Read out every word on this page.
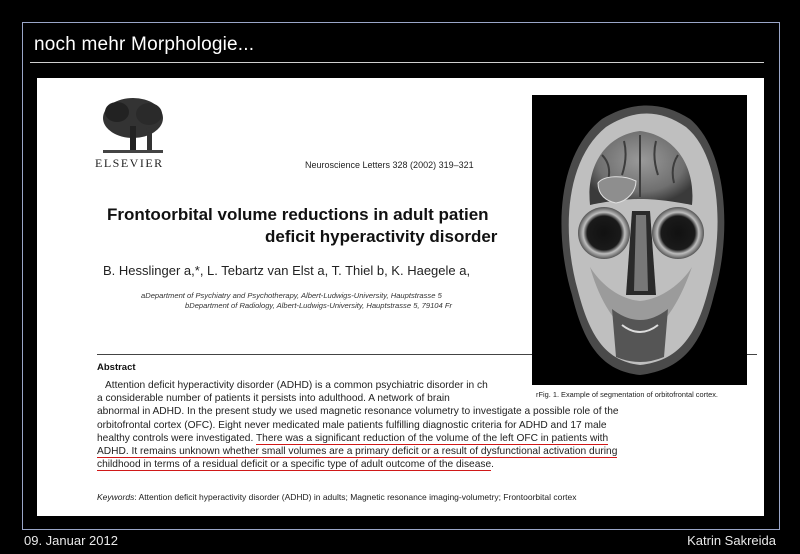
noch mehr Morphologie...
ELSEVIER	Neuroscience Letters 328 (2002) 319–321
Frontoorbital volume reductions in adult patien
deficit hyperactivity disorder
B. Hesslinger a,*, L. Tebartz van Elst a, T. Thiel b, K. Haegele a,
aDepartment of Psychiatry and Psychotherapy, Albert-Ludwigs-University, Hauptstrasse 5
bDepartment of Radiology, Albert-Ludwigs-University, Hauptstrasse 5, 79104 Fr
Abstract
Attention deficit hyperactivity disorder (ADHD) is a common psychiatric disorder in ch
a considerable number of patients it persists into adulthood. A network of brain
abnormal in ADHD. In the present study we used magnetic resonance volumetry to investigate a possible role of the
orbitofrontal cortex (OFC). Eight never medicated male patients fulfilling diagnostic criteria for ADHD and 17 male
healthy controls were investigated. There was a significant reduction of the volume of the left OFC in patients with
ADHD. It remains unknown whether small volumes are a primary deficit or a result of dysfunctional activation during
childhood in terms of a residual deficit or a specific type of adult outcome of the disease.
Keywords: Attention deficit hyperactivity disorder (ADHD) in adults; Magnetic resonance imaging-volumetry; Frontoorbital cortex
rFig. 1. Example of segmentation of orbitofrontal cortex.
09. Januar 2012	Katrin Sakreida
